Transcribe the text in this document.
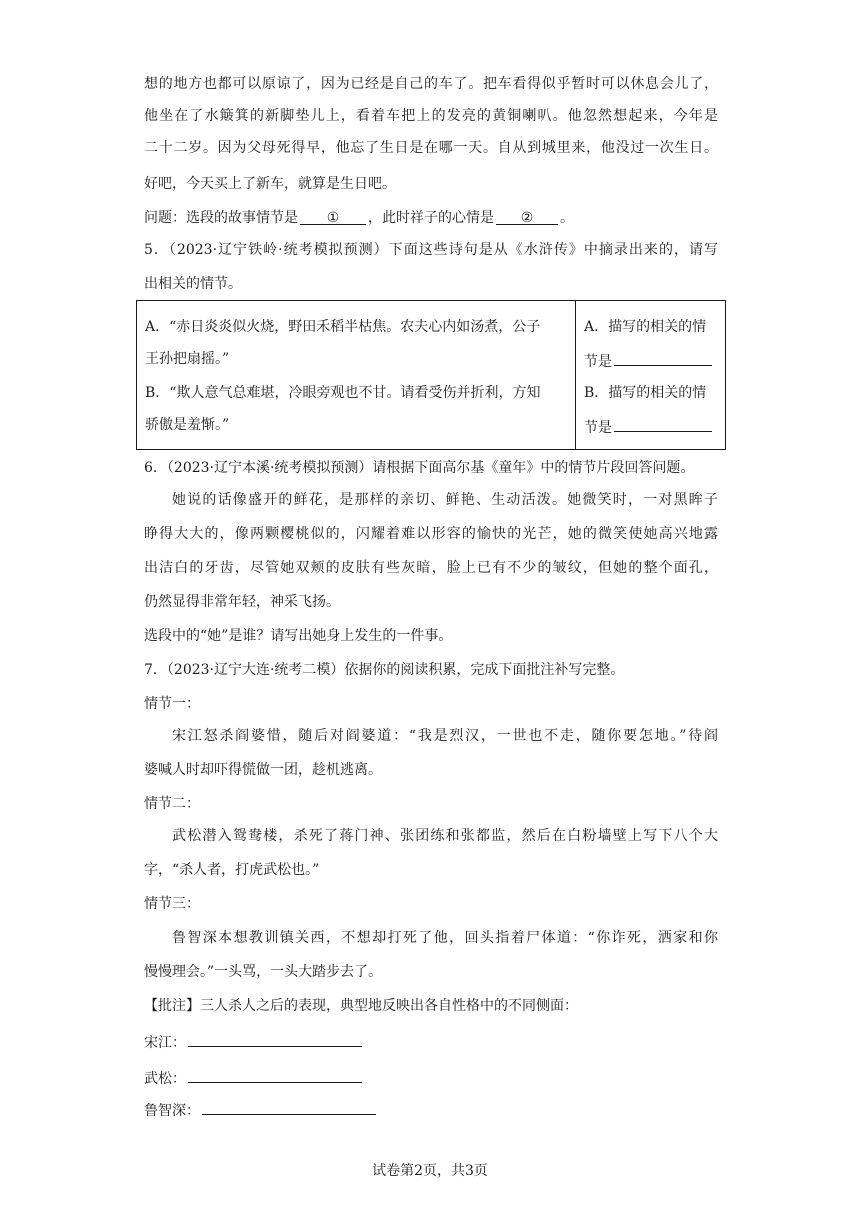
想的地方也都可以原谅了，因为已经是自己的车了。把车看得似乎暂时可以休息会儿了，
他坐在了水簸箕的新脚垫儿上，看着车把上的发亮的黄铜喇叭。他忽然想起来，今年是
二十二岁。因为父母死得早，他忘了生日是在哪一天。自从到城里来，他没过一次生日。
好吧，今天买上了新车，就算是生日吧。
问题：选段的故事情节是 ① ，此时祥子的心情是 ② 。
5．（2023·辽宁铁岭·统考模拟预测）下面这些诗句是从《水浒传》中摘录出来的，请写
出相关的情节。
A．“赤日炎炎似火烧，野田禾稻半枯焦。农夫心内如汤煮，公子
王孙把扇摇。”
B．“欺人意气总难堪，冷眼旁观也不甘。请看受伤并折利，方知
骄傲是羞惭。”
A．描写的相关的情
节是
B．描写的相关的情
节是
6．（2023·辽宁本溪·统考模拟预测）请根据下面高尔基《童年》中的情节片段回答问题。
她说的话像盛开的鲜花，是那样的亲切、鲜艳、生动活泼。她微笑时，一对黑眸子
睁得大大的，像两颗樱桃似的，闪耀着难以形容的愉快的光芒，她的微笑使她高兴地露
出洁白的牙齿，尽管她双颊的皮肤有些灰暗，脸上已有不少的皱纹，但她的整个面孔，
仍然显得非常年轻，神采飞扬。
选段中的“她”是谁？请写出她身上发生的一件事。
7．（2023·辽宁大连·统考二模）依据你的阅读积累，完成下面批注补写完整。
情节一：
宋江怒杀阎婆惜，随后对阎婆道：“我是烈汉，一世也不走，随你要怎地。”待阎
婆喊人时却吓得慌做一团，趁机逃离。
情节二：
武松潜入鸳鸯楼，杀死了蒋门神、张团练和张都监，然后在白粉墙壁上写下八个大
字，“杀人者，打虎武松也。”
情节三：
鲁智深本想教训镇关西，不想却打死了他，回头指着尸体道：“你诈死，洒家和你
慢慢理会。”一头骂，一头大踏步去了。
【批注】三人杀人之后的表现，典型地反映出各自性格中的不同侧面：
宋江：
武松：
鲁智深：
试卷第2页，共3页
